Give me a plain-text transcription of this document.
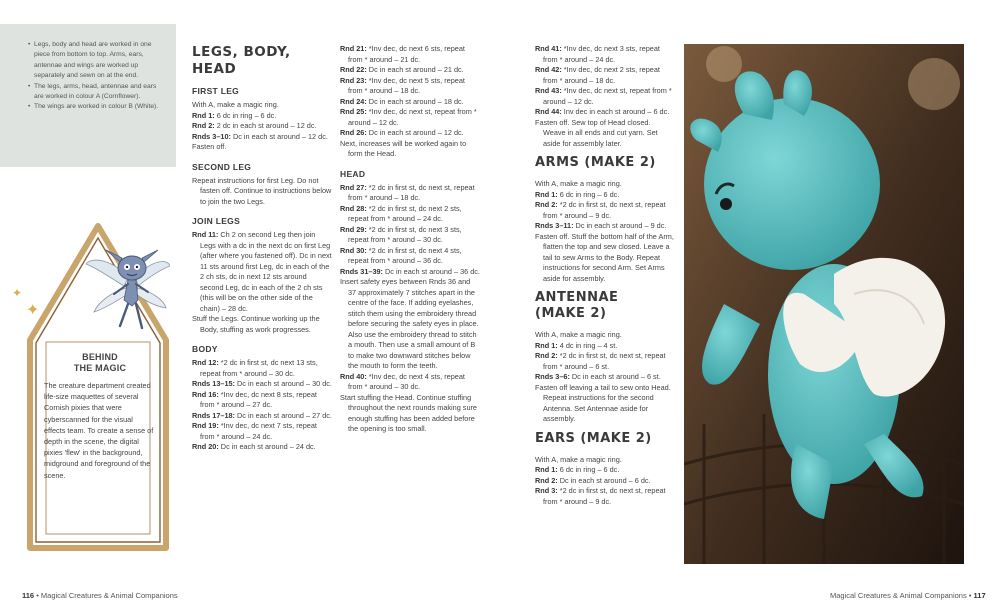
• Legs, body and head are worked in one piece from bottom to top. Arms, ears, antennae and wings are worked up separately and sewn on at the end.
• The legs, arms, head, antennae and ears are worked in colour A (Cornflower).
• The wings are worked in colour B (White).
✦
✦
BEHIND
THE MAGIC
The creature department created life-size maquettes of several Cornish pixies that were cyberscanned for the visual effects team. To create a sense of depth in the scene, the digital pixies 'flew' in the background, midground and foreground of the scene.
LEGS, BODY,
HEAD
FIRST LEG
With A, make a magic ring.
Rnd 1: 6 dc in ring – 6 dc.
Rnd 2: 2 dc in each st around – 12 dc.
Rnds 3–10: Dc in each st around – 12 dc.
Fasten off.
SECOND LEG
Repeat instructions for first Leg. Do not fasten off. Continue to instructions below to join the two Legs.
JOIN LEGS
Rnd 11: Ch 2 on second Leg then join Legs with a dc in the next dc on first Leg (after where you fastened off). Dc in next 11 sts around first Leg, dc in each of the 2 ch sts, dc in next 12 sts around second Leg, dc in each of the 2 ch sts (this will be on the other side of the chain) – 28 dc.
Stuff the Legs. Continue working up the Body, stuffing as work progresses.
BODY
Rnd 12: *2 dc in first st, dc next 13 sts, repeat from * around – 30 dc.
Rnds 13–15: Dc in each st around – 30 dc.
Rnd 16: *Inv dec, dc next 8 sts, repeat from * around – 27 dc.
Rnds 17–18: Dc in each st around – 27 dc.
Rnd 19: *Inv dec, dc next 7 sts, repeat from * around – 24 dc.
Rnd 20: Dc in each st around – 24 dc.
Rnd 21: *Inv dec, dc next 6 sts, repeat from * around – 21 dc.
Rnd 22: Dc in each st around – 21 dc.
Rnd 23: *Inv dec, dc next 5 sts, repeat from * around – 18 dc.
Rnd 24: Dc in each st around – 18 dc.
Rnd 25: *Inv dec, dc next st, repeat from * around – 12 dc.
Rnd 26: Dc in each st around – 12 dc.
Next, increases will be worked again to form the Head.
HEAD
Rnd 27: *2 dc in first st, dc next st, repeat from * around – 18 dc.
Rnd 28: *2 dc in first st, dc next 2 sts, repeat from * around – 24 dc.
Rnd 29: *2 dc in first st, dc next 3 sts, repeat from * around – 30 dc.
Rnd 30: *2 dc in first st, dc next 4 sts, repeat from * around – 36 dc.
Rnds 31–39: Dc in each st around – 36 dc.
Insert safety eyes between Rnds 36 and 37 approximately 7 stitches apart in the centre of the face. If adding eyelashes, stitch them using the embroidery thread before securing the safety eyes in place. Also use the embroidery thread to stitch a mouth. Then use a small amount of B to make two downward stitches below the mouth to form the teeth.
Rnd 40: *Inv dec, dc next 4 sts, repeat from * around – 30 dc.
Start stuffing the Head. Continue stuffing throughout the next rounds making sure enough stuffing has been added before the opening is too small.
Rnd 41: *Inv dec, dc next 3 sts, repeat from * around – 24 dc.
Rnd 42: *Inv dec, dc next 2 sts, repeat from * around – 18 dc.
Rnd 43: *Inv dec, dc next st, repeat from * around – 12 dc.
Rnd 44: Inv dec in each st around – 6 dc.
Fasten off. Sew top of Head closed. Weave in all ends and cut yarn. Set aside for assembly later.
ARMS (MAKE 2)
With A, make a magic ring.
Rnd 1: 6 dc in ring – 6 dc.
Rnd 2: *2 dc in first st, dc next st, repeat from * around – 9 dc.
Rnds 3–11: Dc in each st around – 9 dc.
Fasten off. Stuff the bottom half of the Arm, flatten the top and sew closed. Leave a tail to sew Arms to the Body. Repeat instructions for second Arm. Set Arms aside for assembly.
ANTENNAE
(MAKE 2)
With A, make a magic ring.
Rnd 1: 4 dc in ring – 4 st.
Rnd 2: *2 dc in first st, dc next st, repeat from * around – 6 st.
Rnds 3–6: Dc in each st around – 6 st.
Fasten off leaving a tail to sew onto Head. Repeat instructions for the second Antenna. Set Antennae aside for assembly.
EARS (MAKE 2)
With A, make a magic ring.
Rnd 1: 6 dc in ring – 6 dc.
Rnd 2: Dc in each st around – 6 dc.
Rnd 3: *2 dc in first st, dc next st, repeat from * around – 9 dc.
116 • Magical Creatures & Animal Companions	Magical Creatures & Animal Companions • 117
